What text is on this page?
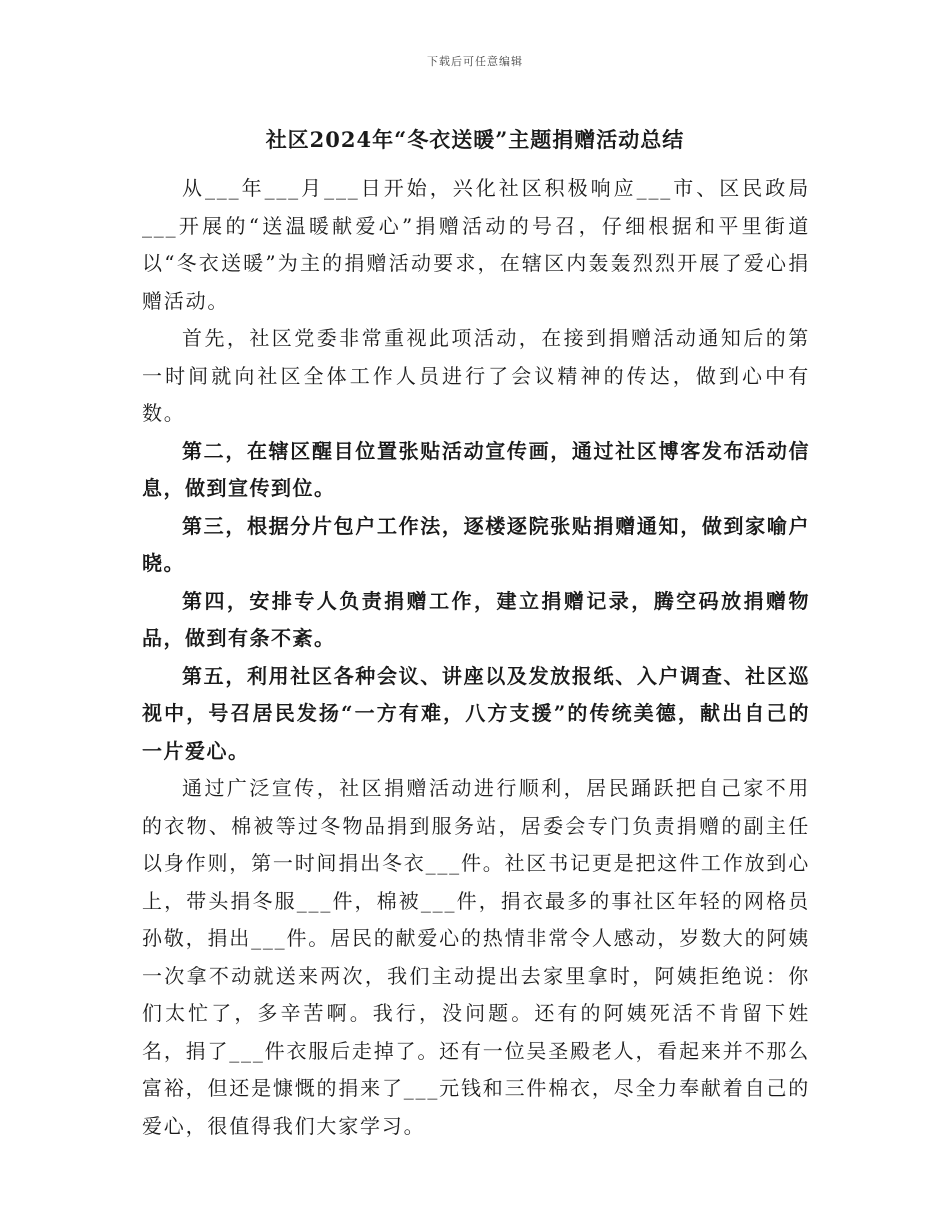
下载后可任意编辑
社区2024年“冬衣送暖”主题捐赠活动总结

从___年___月___日开始，兴化社区积极响应___市、区民政局___开展的“送温暖献爱心”捐赠活动的号召，仔细根据和平里街道以“冬衣送暖”为主的捐赠活动要求，在辖区内轰轰烈烈开展了爱心捐赠活动。

首先，社区党委非常重视此项活动，在接到捐赠活动通知后的第一时间就向社区全体工作人员进行了会议精神的传达，做到心中有数。

第二，在辖区醒目位置张贴活动宣传画，通过社区博客发布活动信息，做到宣传到位。

第三，根据分片包户工作法，逐楼逐院张贴捐赠通知，做到家喻户晓。

第四，安排专人负责捐赠工作，建立捐赠记录，腾空码放捐赠物品，做到有条不紊。

第五，利用社区各种会议、讲座以及发放报纸、入户调查、社区巡视中，号召居民发扬“一方有难，八方支援”的传统美德，献出自己的一片爱心。

通过广泛宣传，社区捐赠活动进行顺利，居民踊跃把自己家不用的衣物、棉被等过冬物品捐到服务站，居委会专门负责捐赠的副主任以身作则，第一时间捐出冬衣___件。社区书记更是把这件工作放到心上，带头捐冬服___件，棉被___件，捐衣最多的事社区年轻的网格员孙敬，捐出___件。居民的献爱心的热情非常令人感动，岁数大的阿姨一次拿不动就送来两次，我们主动提出去家里拿时，阿姨拒绝说：你们太忙了，多辛苦啊。我行，没问题。还有的阿姨死活不肯留下姓名，捐了___件衣服后走掉了。还有一位吴圣殿老人，看起来并不那么富裕，但还是慷慨的捐来了___元钱和三件棉衣，尽全力奉献着自己的爱心，很值得我们大家学习。
